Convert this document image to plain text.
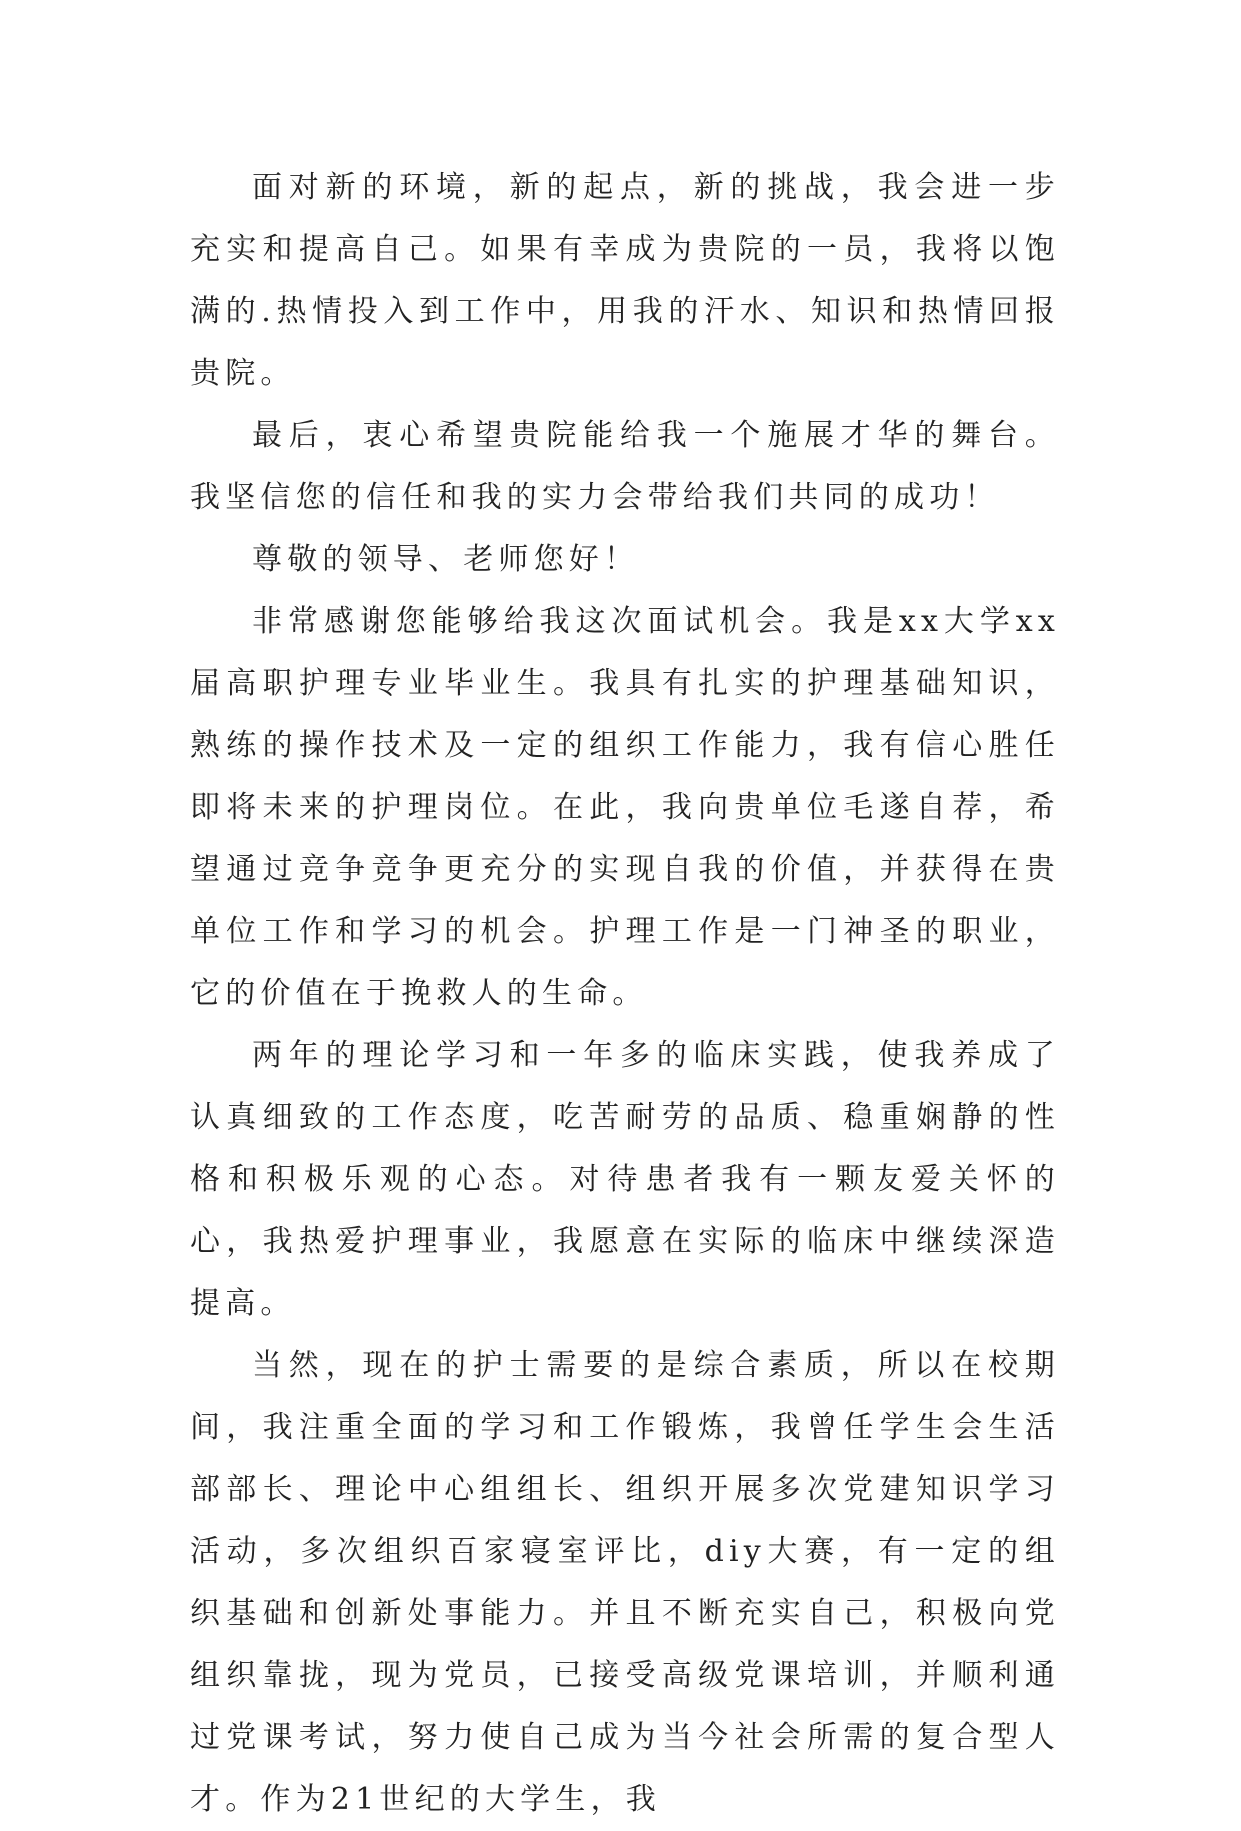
面对新的环境，新的起点，新的挑战，我会进一步充实和提高自己。如果有幸成为贵院的一员，我将以饱满的.热情投入到工作中，用我的汗水、知识和热情回报贵院。

最后，衷心希望贵院能给我一个施展才华的舞台。我坚信您的信任和我的实力会带给我们共同的成功！

尊敬的领导、老师您好！

非常感谢您能够给我这次面试机会。我是xx大学xx届高职护理专业毕业生。我具有扎实的护理基础知识，熟练的操作技术及一定的组织工作能力，我有信心胜任即将未来的护理岗位。在此，我向贵单位毛遂自荐，希望通过竞争竞争更充分的实现自我的价值，并获得在贵单位工作和学习的机会。护理工作是一门神圣的职业，它的价值在于挽救人的生命。

两年的理论学习和一年多的临床实践，使我养成了认真细致的工作态度，吃苦耐劳的品质、稳重娴静的性格和积极乐观的心态。对待患者我有一颗友爱关怀的心，我热爱护理事业，我愿意在实际的临床中继续深造提高。

当然，现在的护士需要的是综合素质，所以在校期间，我注重全面的学习和工作锻炼，我曾任学生会生活部部长、理论中心组组长、组织开展多次党建知识学习活动，多次组织百家寝室评比，diy大赛，有一定的组织基础和创新处事能力。并且不断充实自己，积极向党组织靠拢，现为党员，已接受高级党课培训，并顺利通过党课考试，努力使自己成为当今社会所需的复合型人才。作为21世纪的大学生，我
